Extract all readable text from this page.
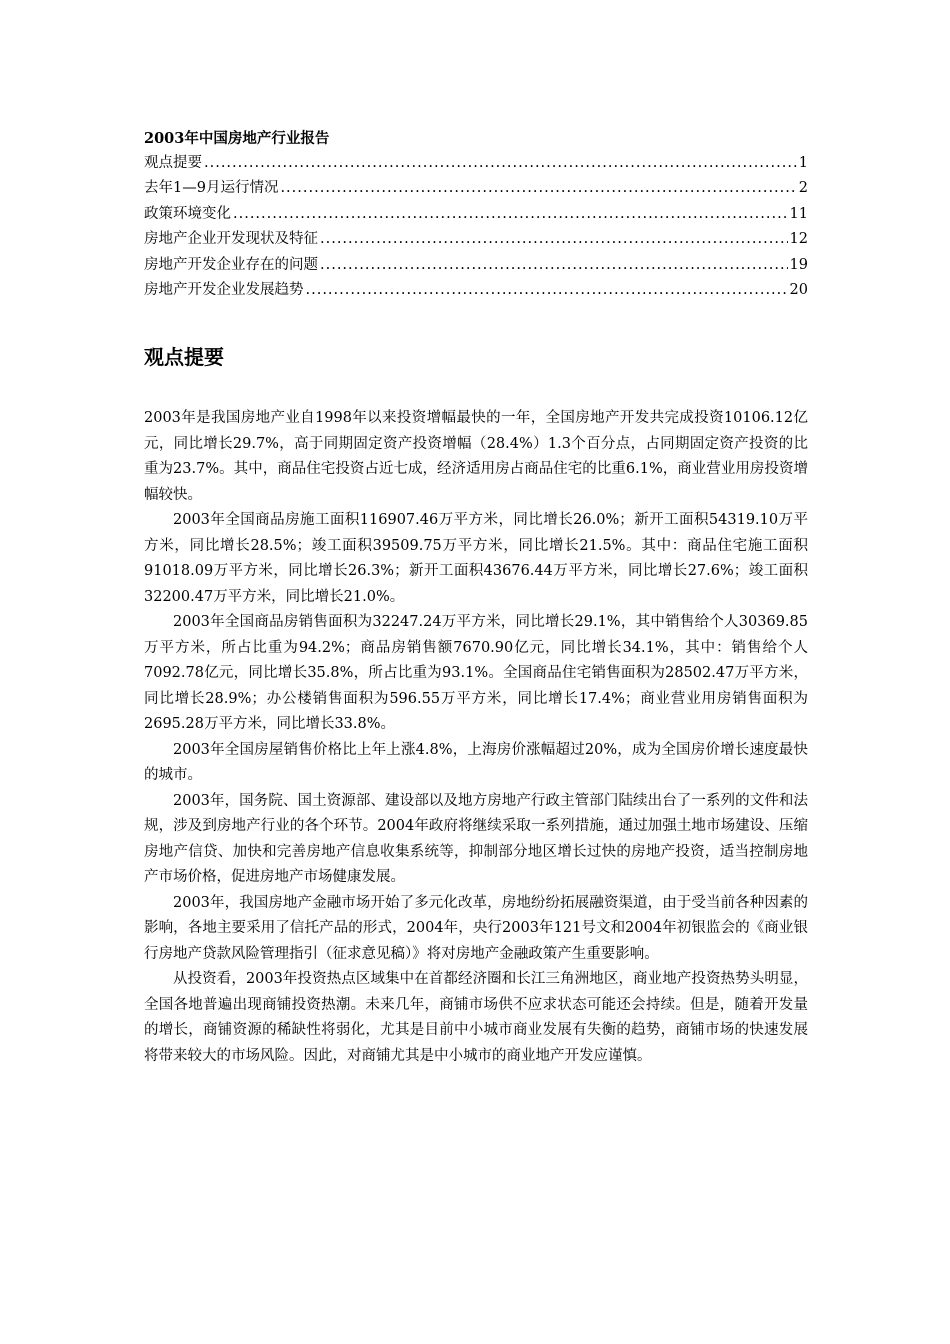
2003年中国房地产行业报告
观点提要 .....	1
去年1—9月运行情况 .....	2
政策环境变化 .....	11
房地产企业开发现状及特征 .....	12
房地产开发企业存在的问题 .....	19
房地产开发企业发展趋势 .....	20
观点提要

2003年是我国房地产业自1998年以来投资增幅最快的一年，全国房地产开发共完成投资10106.12亿元，同比增长29.7%，高于同期固定资产投资增幅（28.4%）1.3个百分点，占同期固定资产投资的比重为23.7%。其中，商品住宅投资占近七成，经济适用房占商品住宅的比重6.1%，商业营业用房投资增幅较快。

2003年全国商品房施工面积116907.46万平方米，同比增长26.0%；新开工面积54319.10万平方米，同比增长28.5%；竣工面积39509.75万平方米，同比增长21.5%。其中：商品住宅施工面积91018.09万平方米，同比增长26.3%；新开工面积43676.44万平方米，同比增长27.6%；竣工面积32200.47万平方米，同比增长21.0%。

2003年全国商品房销售面积为32247.24万平方米，同比增长29.1%，其中销售给个人30369.85万平方米，所占比重为94.2%；商品房销售额7670.90亿元，同比增长34.1%，其中：销售给个人7092.78亿元，同比增长35.8%，所占比重为93.1%。全国商品住宅销售面积为28502.47万平方米，同比增长28.9%；办公楼销售面积为596.55万平方米，同比增长17.4%；商业营业用房销售面积为2695.28万平方米，同比增长33.8%。

2003年全国房屋销售价格比上年上涨4.8%，上海房价涨幅超过20%，成为全国房价增长速度最快的城市。

2003年，国务院、国土资源部、建设部以及地方房地产行政主管部门陆续出台了一系列的文件和法规，涉及到房地产行业的各个环节。2004年政府将继续采取一系列措施，通过加强土地市场建设、压缩房地产信贷、加快和完善房地产信息收集系统等，抑制部分地区增长过快的房地产投资，适当控制房地产市场价格，促进房地产市场健康发展。

2003年，我国房地产金融市场开始了多元化改革，房地纷纷拓展融资渠道，由于受当前各种因素的影响，各地主要采用了信托产品的形式，2004年，央行2003年121号文和2004年初银监会的《商业银行房地产贷款风险管理指引（征求意见稿）》将对房地产金融政策产生重要影响。

从投资看，2003年投资热点区域集中在首都经济圈和长江三角洲地区，商业地产投资热势头明显，全国各地普遍出现商铺投资热潮。未来几年，商铺市场供不应求状态可能还会持续。但是，随着开发量的增长，商铺资源的稀缺性将弱化，尤其是目前中小城市商业发展有失衡的趋势，商铺市场的快速发展将带来较大的市场风险。因此，对商铺尤其是中小城市的商业地产开发应谨慎。
